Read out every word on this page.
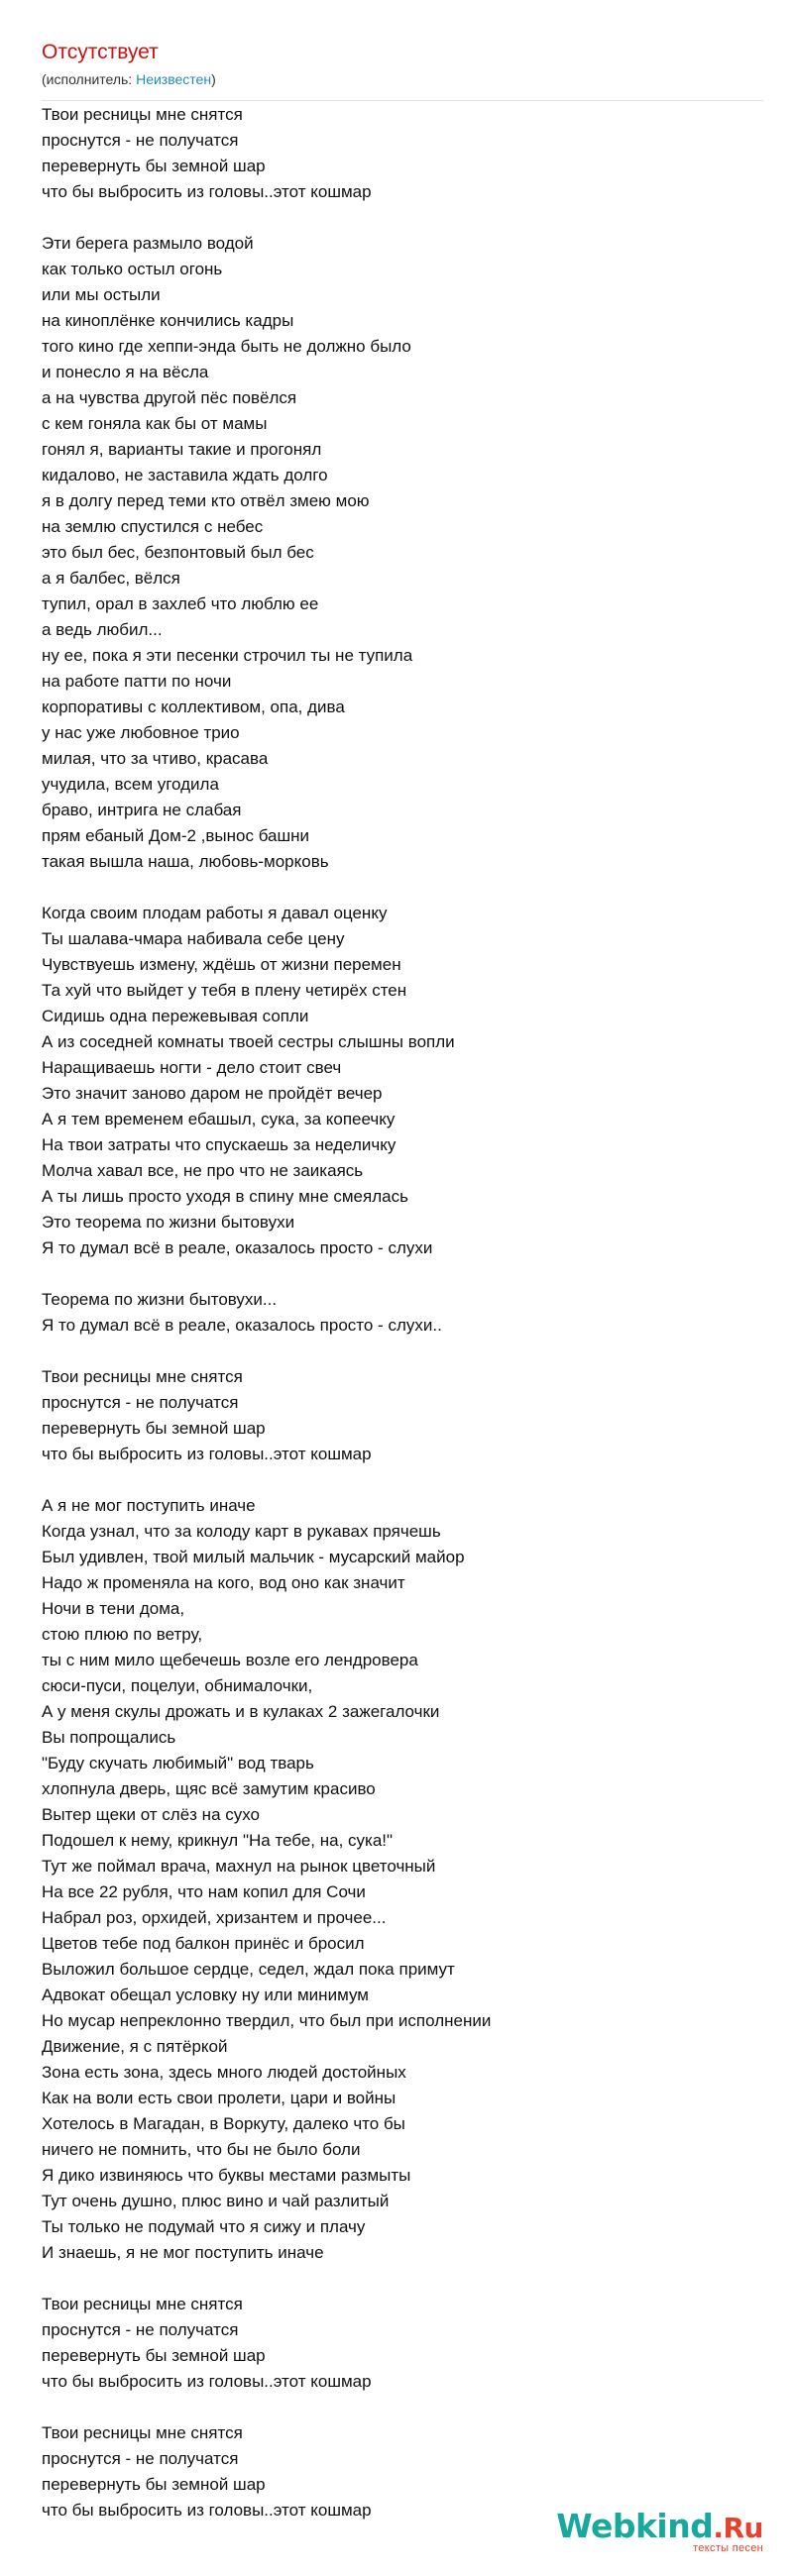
Отсутствует
(исполнитель: Неизвестен)
Твои ресницы мне снятся
проснутся - не получатся
перевернуть бы земной шар
что бы выбросить из головы..этот кошмар

Эти берега размыло водой
как только остыл огонь
или мы остыли
на киноплёнке кончились кадры
того кино где хеппи-энда быть не должно было
и понесло я на вёсла
а на чувства другой пёс повёлся
с кем гоняла как бы от мамы
гонял я, варианты такие и прогонял
кидалово, не заставила ждать долго
я в долгу перед теми кто отвёл змею мою
на землю спустился с небес
это был бес, безпонтовый был бес
а я балбес, вёлся
тупил, орал в захлеб что люблю ее
а ведь любил...
ну ее, пока я эти песенки строчил ты не тупила
на работе патти по ночи
корпоративы с коллективом, опа, дива
у нас уже любовное трио
милая, что за чтиво, красава
учудила, всем угодила
браво, интрига не слабая
прям ебаный Дом-2 ,вынос башни
такая вышла наша, любовь-морковь

Когда своим плодам работы я давал оценку
Ты шалава-чмара набивала себе цену
Чувствуешь измену, ждёшь от жизни перемен
Та хуй что выйдет у тебя в плену четирёх стен
Сидишь одна пережевывая сопли
А из соседней комнаты твоей сестры слышны вопли
Наращиваешь ногти - дело стоит свеч
Это значит заново даром не пройдёт вечер
А я тем временем ебашыл, сука, за копеечку
На твои затраты что спускаешь за неделичку
Молча хавал все, не про что не заикаясь
А ты лишь просто уходя в спину мне смеялась
Это теорема по жизни бытовухи
Я то думал всё в реале, оказалось просто - слухи

Теорема по жизни бытовухи...
Я то думал всё в реале, оказалось просто - слухи..

Твои ресницы мне снятся
проснутся - не получатся
перевернуть бы земной шар
что бы выбросить из головы..этот кошмар

А я не мог поступить иначе
Когда узнал, что за колоду карт в рукавах прячешь
Был удивлен, твой милый мальчик - мусарский майор
Надо ж променяла на кого, вод оно как значит
Ночи в тени дома,
стою плюю по ветру,
ты с ним мило щебечешь возле его лендровера
сюси-пуси, поцелуи, обнималочки,
А у меня скулы дрожать и в кулаках 2 зажегалочки
Вы попрощались
"Буду скучать любимый" вод тварь
хлопнула дверь, щяс всё замутим красиво
Вытер щеки от слёз на сухо
Подошел к нему, крикнул "На тебе, на, сука!"
Тут же поймал врача, махнул на рынок цветочный
На все 22 рубля, что нам копил для Сочи
Набрал роз, орхидей, хризантем и прочее...
Цветов тебе под балкон принёс и бросил
Выложил большое сердце, седел, ждал пока примут
Адвокат обещал условку ну или минимум
Но мусар непреклонно твердил, что был при исполнении
Движение, я с пятёркой
Зона есть зона, здесь много людей достойных
Как на воли есть свои пролети, цари и войны
Хотелось в Магадан, в Воркуту, далеко что бы
ничего не помнить, что бы не было боли
Я дико извиняюсь что буквы местами размыты
Тут очень душно, плюс вино и чай разлитый
Ты только не подумай что я сижу и плачу
И знаешь, я не мог поступить иначе

Твои ресницы мне снятся
проснутся - не получатся
перевернуть бы земной шар
что бы выбросить из головы..этот кошмар

Твои ресницы мне снятся
проснутся - не получатся
перевернуть бы земной шар
что бы выбросить из головы..этот кошмар	Webkind.Ru
тексты песен
